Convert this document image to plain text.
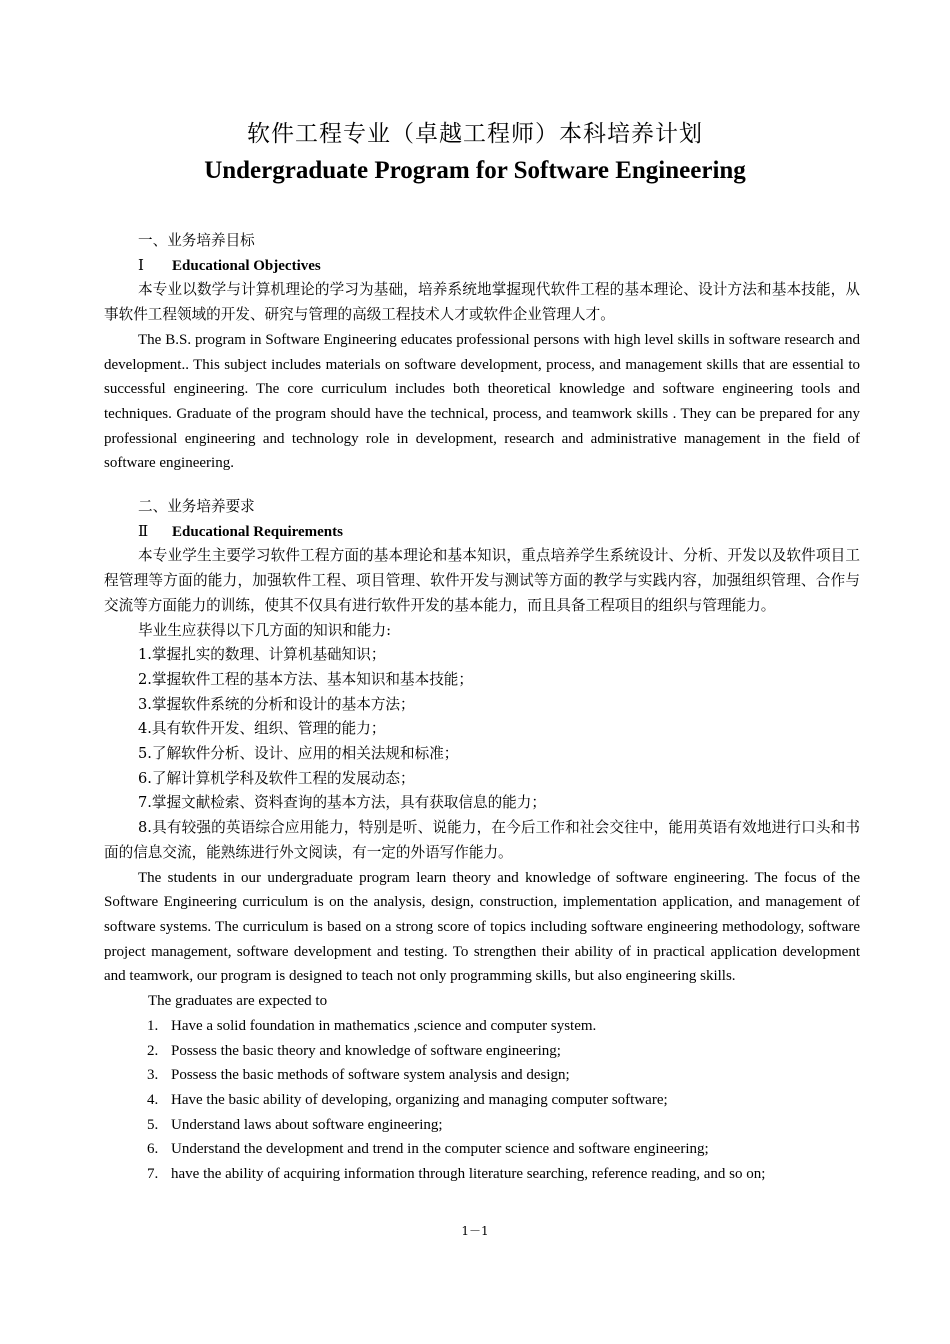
软件工程专业（卓越工程师）本科培养计划
Undergraduate Program for Software Engineering

一、业务培养目标

Ⅰ Educational Objectives

本专业以数学与计算机理论的学习为基础，培养系统地掌握现代软件工程的基本理论、设计方法和基本技能，从事软件工程领域的开发、研究与管理的高级工程技术人才或软件企业管理人才。

The B.S. program in Software Engineering educates professional persons with high level skills in software research and development.. This subject includes materials on software development, process, and management skills that are essential to successful engineering. The core curriculum includes both theoretical knowledge and software engineering tools and techniques. Graduate of the program should have the technical, process, and teamwork skills . They can be prepared for any professional engineering and technology role in development, research and administrative management in the field of software engineering.

二、业务培养要求

Ⅱ Educational Requirements

本专业学生主要学习软件工程方面的基本理论和基本知识，重点培养学生系统设计、分析、开发以及软件项目工程管理等方面的能力，加强软件工程、项目管理、软件开发与测试等方面的教学与实践内容，加强组织管理、合作与交流等方面能力的训练，使其不仅具有进行软件开发的基本能力，而且具备工程项目的组织与管理能力。

毕业生应获得以下几方面的知识和能力:

1.掌握扎实的数理、计算机基础知识；

2.掌握软件工程的基本方法、基本知识和基本技能；

3.掌握软件系统的分析和设计的基本方法；

4.具有软件开发、组织、管理的能力；

5.了解软件分析、设计、应用的相关法规和标准；

6.了解计算机学科及软件工程的发展动态；

7.掌握文献检索、资料查询的基本方法，具有获取信息的能力；

8.具有较强的英语综合应用能力，特别是听、说能力，在今后工作和社会交往中，能用英语有效地进行口头和书面的信息交流，能熟练进行外文阅读，有一定的外语写作能力。

The students in our undergraduate program learn theory and knowledge of software engineering. The focus of the Software Engineering curriculum is on the analysis, design, construction, implementation application, and management of software systems. The curriculum is based on a strong score of topics including software engineering methodology, software project management, software development and testing. To strengthen their ability of in practical application development and teamwork, our program is designed to teach not only programming skills, but also engineering skills.

The graduates are expected to

1. Have a solid foundation in mathematics ,science and computer system.
2. Possess the basic theory and knowledge of software engineering;
3. Possess the basic methods of software system analysis and design;
4. Have the basic ability of developing, organizing and managing computer software;
5. Understand laws about software engineering;
6. Understand the development and trend in the computer science and software engineering;
7. have the ability of acquiring information through literature searching, reference reading, and so on;
1－1
